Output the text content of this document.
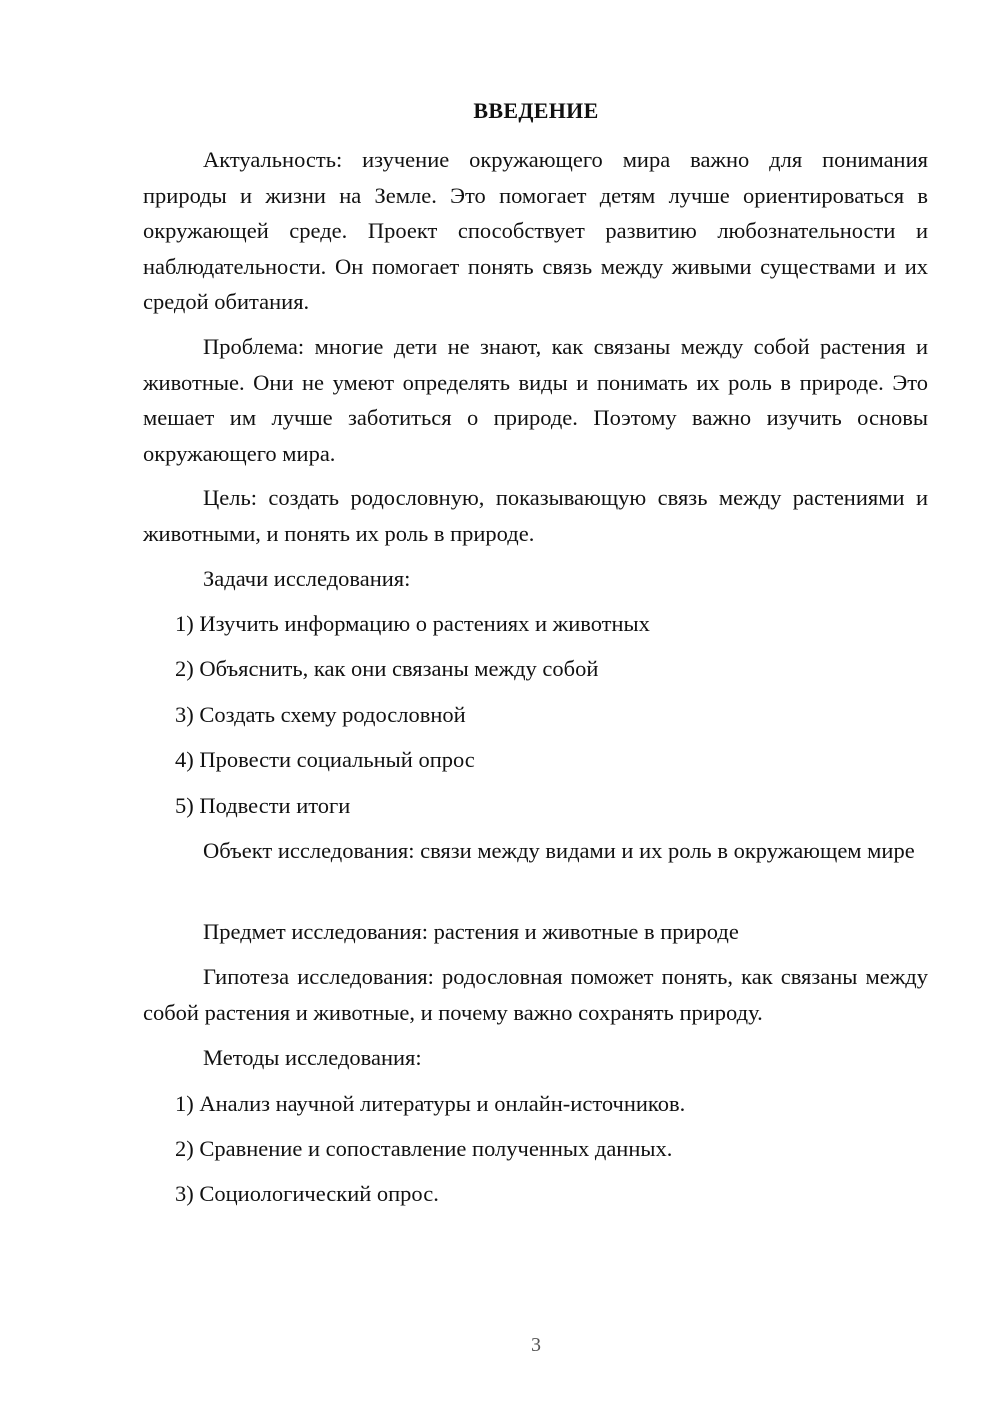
ВВЕДЕНИЕ

Актуальность: изучение окружающего мира важно для понимания природы и жизни на Земле. Это помогает детям лучше ориентироваться в окружающей среде. Проект способствует развитию любознательности и наблюдательности. Он помогает понять связь между живыми существами и их средой обитания.

Проблема: многие дети не знают, как связаны между собой растения и животные. Они не умеют определять виды и понимать их роль в природе. Это мешает им лучше заботиться о природе. Поэтому важно изучить основы окружающего мира.

Цель: создать родословную, показывающую связь между растениями и животными, и понять их роль в природе.

Задачи исследования:

1) Изучить информацию о растениях и животных

2) Объяснить, как они связаны между собой

3) Создать схему родословной

4) Провести социальный опрос

5) Подвести итоги

Объект исследования: связи между видами и их роль в окружающем мире

Предмет исследования: растения и животные в природе

Гипотеза исследования: родословная поможет понять, как связаны между собой растения и животные, и почему важно сохранять природу.

Методы исследования:

1) Анализ научной литературы и онлайн-источников.

2) Сравнение и сопоставление полученных данных.

3) Социологический опрос.

3
